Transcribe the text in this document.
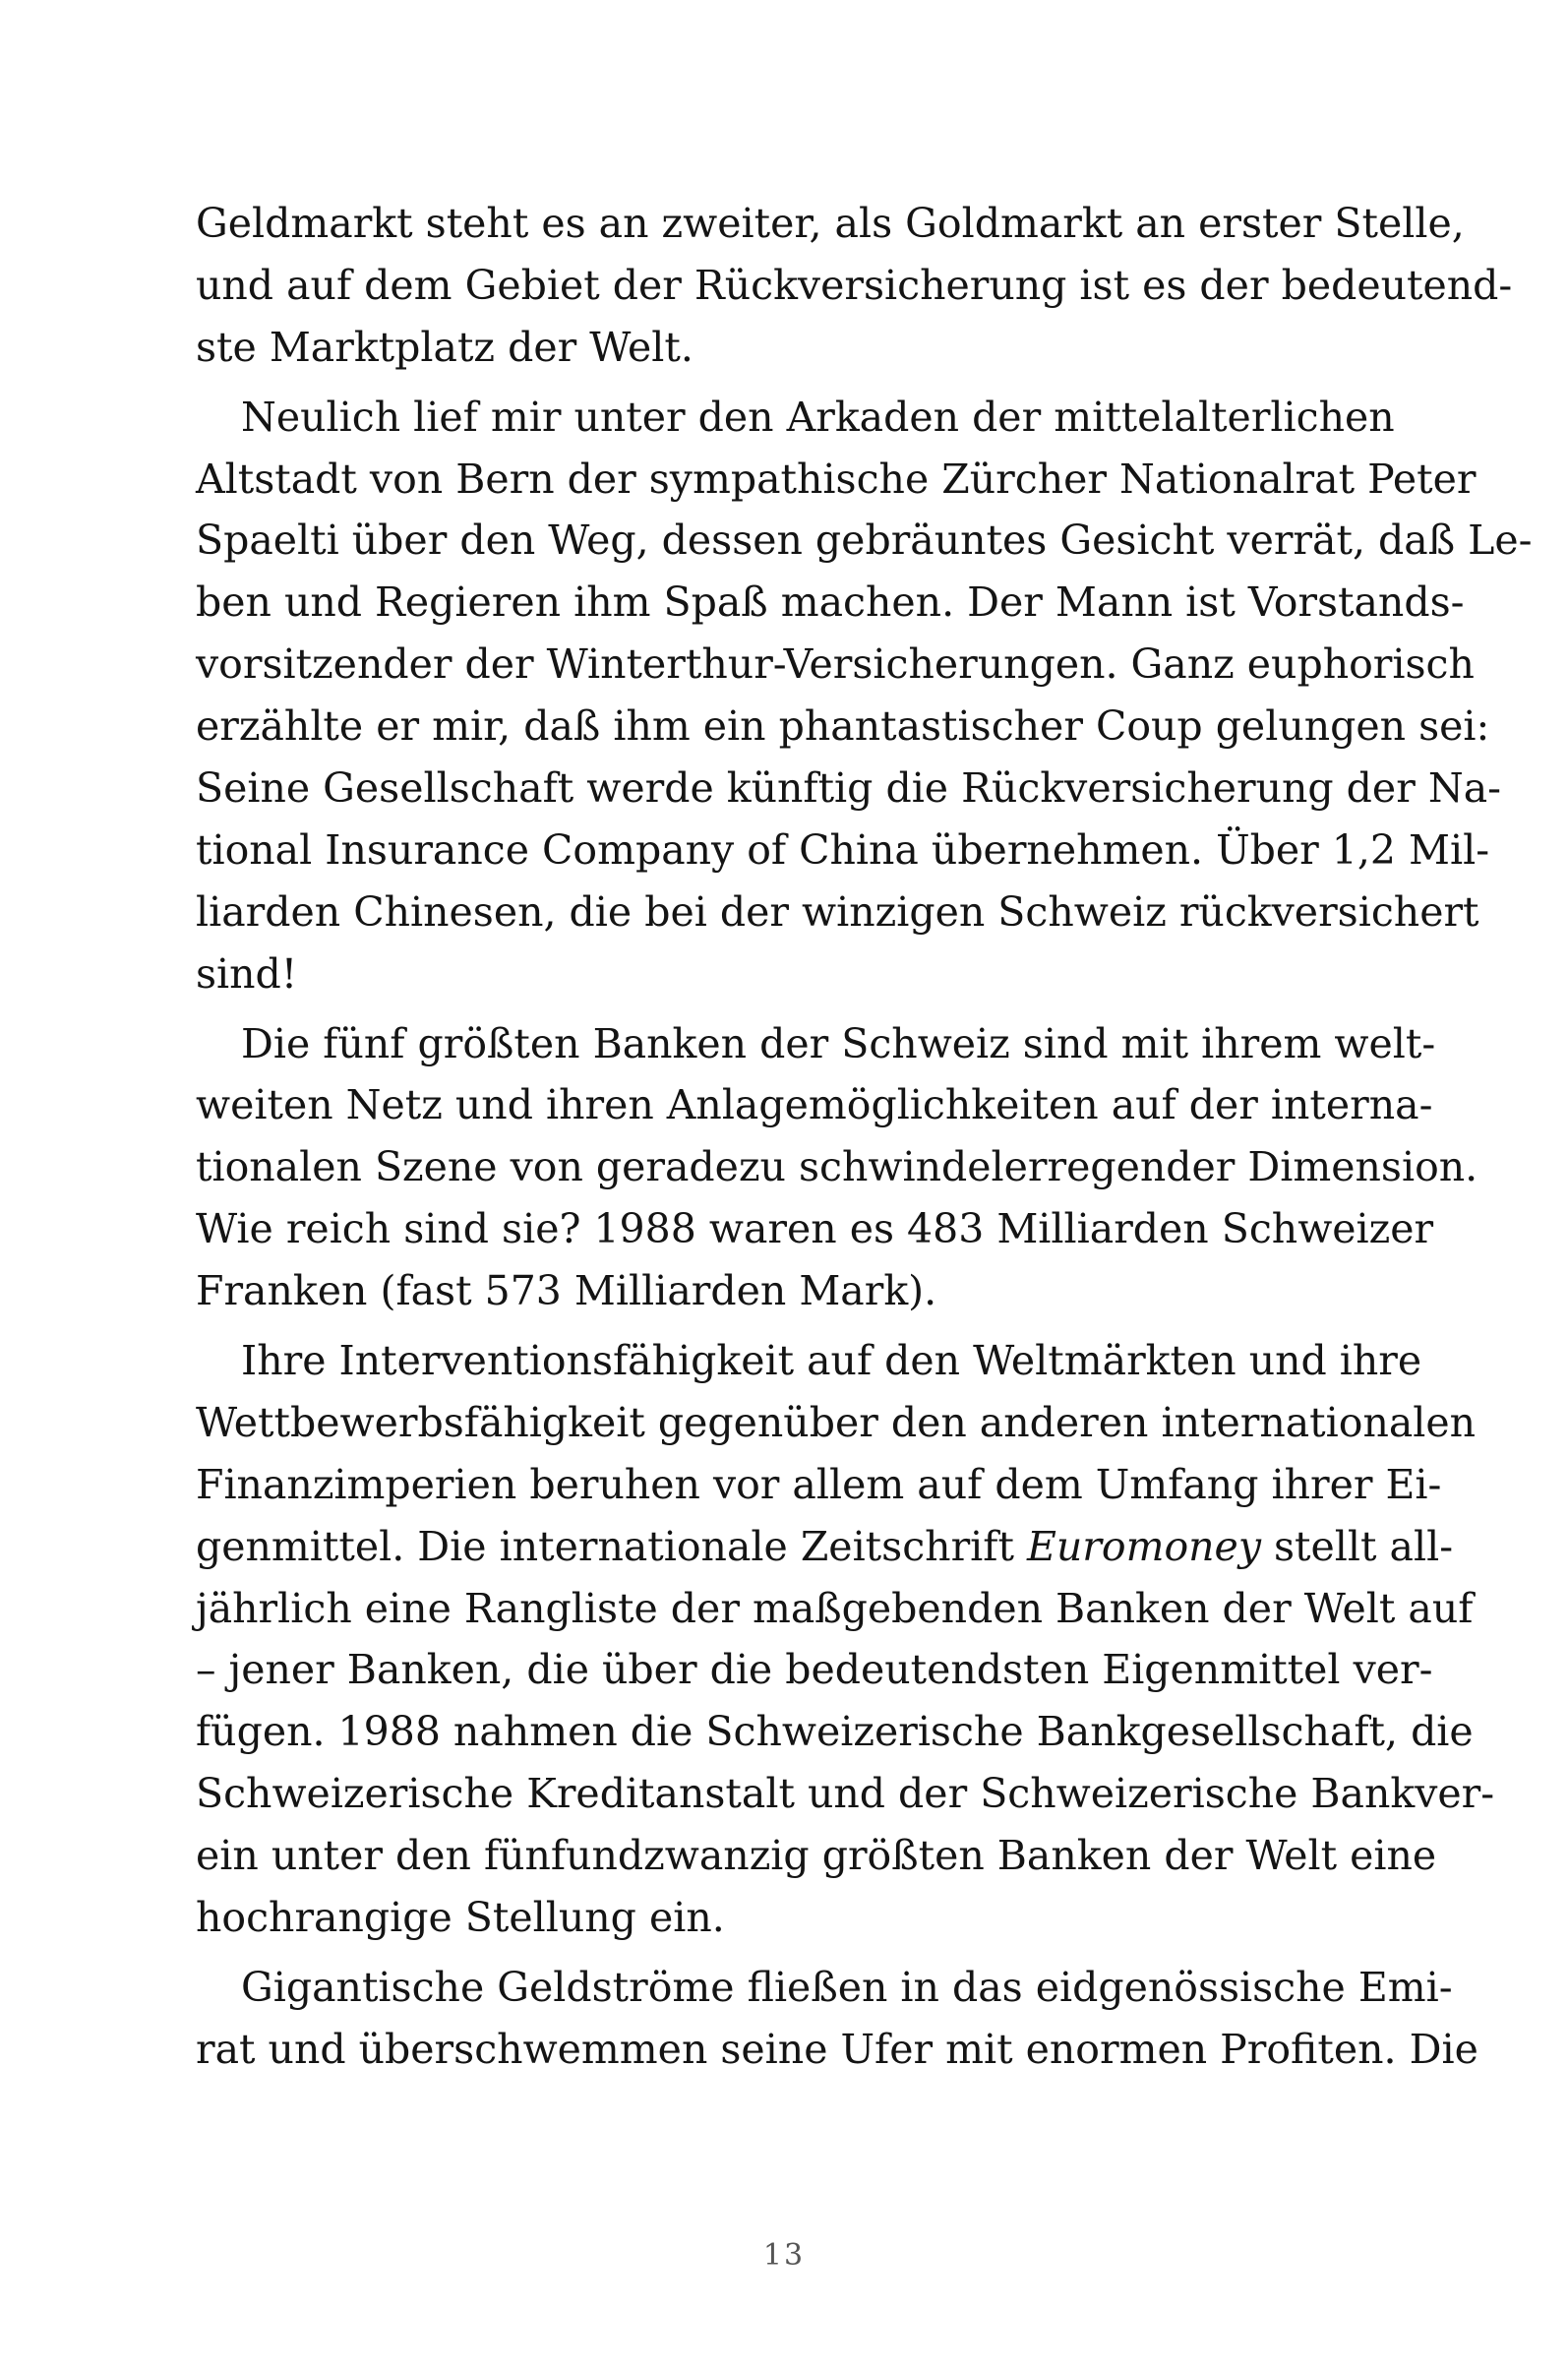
Geldmarkt steht es an zweiter, als Goldmarkt an erster Stelle,
und auf dem Gebiet der Rückversicherung ist es der bedeutend-
ste Marktplatz der Welt.
Neulich lief mir unter den Arkaden der mittelalterlichen
Altstadt von Bern der sympathische Zürcher Nationalrat Peter
Spaelti über den Weg, dessen gebräuntes Gesicht verrät, daß Le-
ben und Regieren ihm Spaß machen. Der Mann ist Vorstands-
vorsitzender der Winterthur-Versicherungen. Ganz euphorisch
erzählte er mir, daß ihm ein phantastischer Coup gelungen sei:
Seine Gesellschaft werde künftig die Rückversicherung der Na-
tional Insurance Company of China übernehmen. Über 1,2 Mil-
liarden Chinesen, die bei der winzigen Schweiz rückversichert
sind!
Die fünf größten Banken der Schweiz sind mit ihrem welt-
weiten Netz und ihren Anlagemöglichkeiten auf der interna-
tionalen Szene von geradezu schwindelerregender Dimension.
Wie reich sind sie? 1988 waren es 483 Milliarden Schweizer
Franken (fast 573 Milliarden Mark).
Ihre Interventionsfähigkeit auf den Weltmärkten und ihre
Wettbewerbsfähigkeit gegenüber den anderen internationalen
Finanzimperien beruhen vor allem auf dem Umfang ihrer Ei-
genmittel. Die internationale Zeitschrift Euromoney stellt all-
jährlich eine Rangliste der maßgebenden Banken der Welt auf
– jener Banken, die über die bedeutendsten Eigenmittel ver-
fügen. 1988 nahmen die Schweizerische Bankgesellschaft, die
Schweizerische Kreditanstalt und der Schweizerische Bankver-
ein unter den fünfundzwanzig größten Banken der Welt eine
hochrangige Stellung ein.
Gigantische Geldströme fließen in das eidgenössische Emi-
rat und überschwemmen seine Ufer mit enormen Profiten. Die
13
